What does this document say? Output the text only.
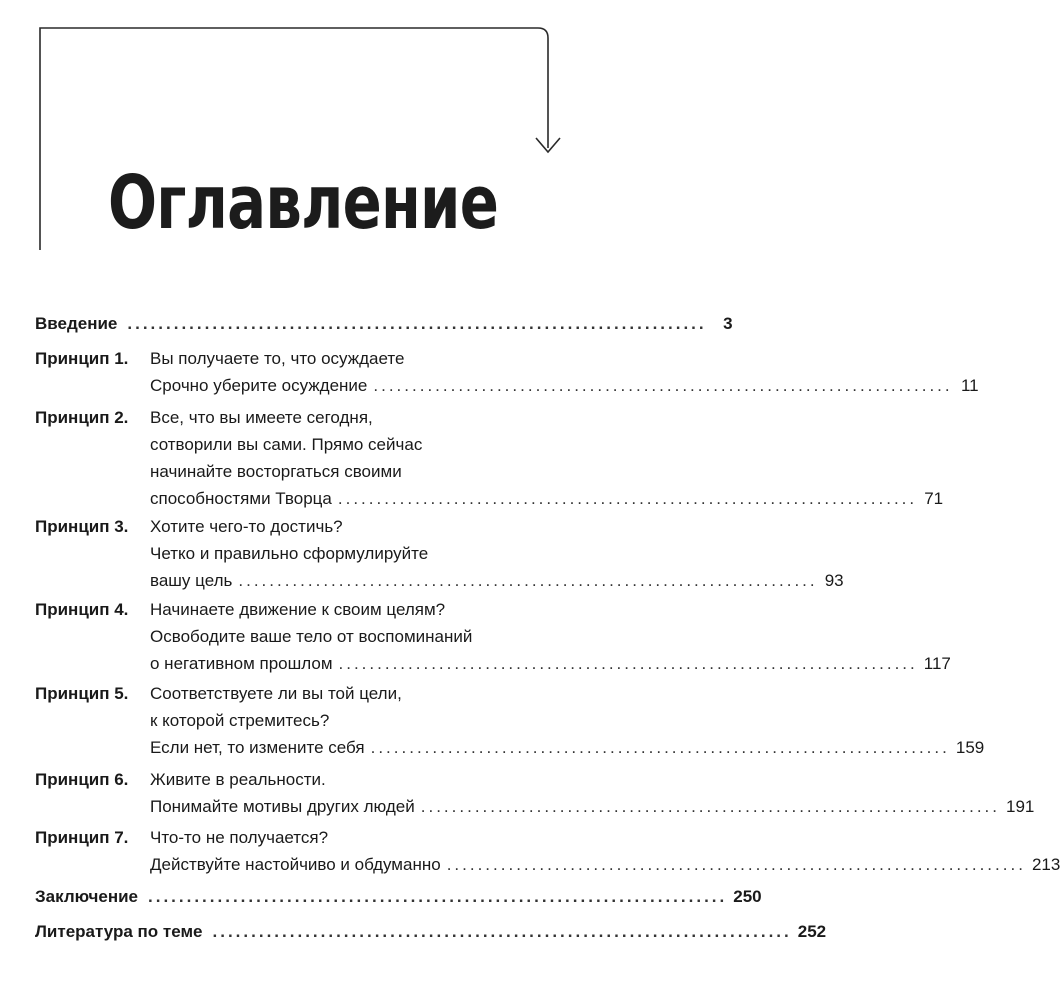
Оглавление
Введение ........................................................................... 3
Принцип 1.	Вы получаете то, что осуждаете
Срочно уберите осуждение ........................................................................... 11
Принцип 2.	Все, что вы имеете сегодня,
сотворили вы сами. Прямо сейчас
начинайте восторгаться своими
способностями Творца ........................................................................... 71
Принцип 3.	Хотите чего-то достичь?
Четко и правильно сформулируйте
вашу цель ........................................................................... 93
Принцип 4.	Начинаете движение к своим целям?
Освободите ваше тело от воспоминаний
о негативном прошлом ........................................................................... 117
Принцип 5.	Соответствуете ли вы той цели,
к которой стремитесь?
Если нет, то измените себя ........................................................................... 159
Принцип 6.	Живите в реальности.
Понимайте мотивы других людей ........................................................................... 191
Принцип 7.	Что-то не получается?
Действуйте настойчиво и обдуманно ........................................................................... 213
Заключение ........................................................................... 250
Литература по теме ........................................................................... 252
